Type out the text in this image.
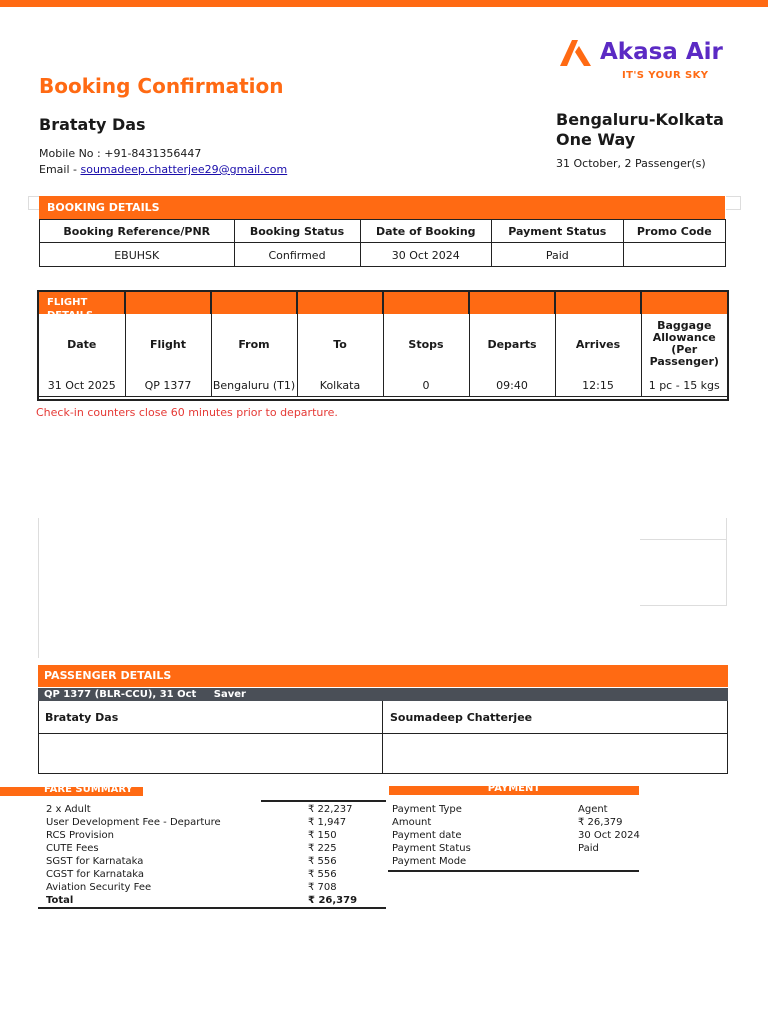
Akasa Air
IT'S YOUR SKY
Booking Confirmation
Brataty Das
Mobile No : +91-8431356447
Email - soumadeep.chatterjee29@gmail.com
Bengaluru-Kolkata
One Way
31 October, 2 Passenger(s)
BOOKING DETAILS
Booking Reference/PNR	Booking Status	Date of Booking	Payment Status	Promo Code
EBUHSK	Confirmed	30 Oct 2024	Paid	
FLIGHT DETAILS

Date	Flight	From	To	Stops	Departs	Arrives	Baggage Allowance (Per Passenger)
31 Oct 2025	QP 1377	Bengaluru (T1)	Kolkata	0	09:40	12:15	1 pc - 15 kgs
Check-in counters close 60 minutes prior to departure.
PASSENGER DETAILS
QP 1377 (BLR-CCU), 31 Oct Saver
Brataty Das	Soumadeep Chatterjee
FARE SUMMARY
2 x Adult	₹ 22,237
User Development Fee - Departure	₹ 1,947
RCS Provision	₹ 150
CUTE Fees	₹ 225
SGST for Karnataka	₹ 556
CGST for Karnataka	₹ 556
Aviation Security Fee	₹ 708
Total	₹ 26,379
PAYMENT
Payment Type	Agent
Amount	₹ 26,379
Payment date	30 Oct 2024
Payment Status	Paid
Payment Mode
